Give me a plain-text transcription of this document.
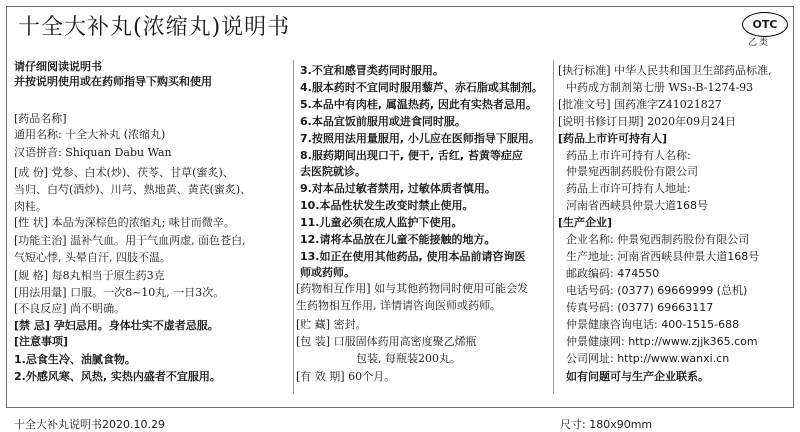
十全大补丸(浓缩丸)说明书	OTC
乙类
请仔细阅读说明书
并按说明使用或在药师指导下购买和使用
[药品名称]
通用名称: 十全大补丸 (浓缩丸)
汉语拼音: Shiquan Dabu Wan
[成 份] 党参、白术(炒)、茯苓、甘草(蜜炙)、
当归、白芍(酒炒)、川芎、熟地黄、黄芪(蜜炙)、
肉桂。
[性 状] 本品为深棕色的浓缩丸; 味甘而微辛。
[功能主治] 温补气血。用于气血两虚, 面色苍白,
气短心悸, 头晕自汗, 四肢不温。
[规 格] 每8丸相当于原生药3克
[用法用量] 口服。一次8~10丸, 一日3次。
[不良反应] 尚不明确。
[禁 忌] 孕妇忌用。身体壮实不虚者忌服。
[注意事项]
1.忌食生冷、油腻食物。
2.外感风寒、风热, 实热内盛者不宜服用。
3.不宜和感冒类药同时服用。
4.服本药时不宜同时服用藜芦、赤石脂或其制剂。
5.本品中有肉桂, 属温热药, 因此有实热者忌用。
6.本品宜饭前服用或进食同时服。
7.按照用法用量服用, 小儿应在医师指导下服用。
8.服药期间出现口干, 便干, 舌红, 苔黄等症应
去医院就诊。
9.对本品过敏者禁用, 过敏体质者慎用。
10.本品性状发生改变时禁止使用。
11.儿童必须在成人监护下使用。
12.请将本品放在儿童不能接触的地方。
13.如正在使用其他药品, 使用本品前请咨询医
师或药师。
[药物相互作用] 如与其他药物同时使用可能会发
生药物相互作用, 详情请咨询医师或药师。
[贮 藏] 密封。
[包 装] 口服固体药用高密度聚乙烯瓶
包装, 每瓶装200丸。
[有 效 期] 60个月。
[执行标准] 中华人民共和国卫生部药品标准,
中药成方制剂第七册 WS₃-B-1274-93
[批准文号] 国药准字Z41021827
[说明书修订日期] 2020年09月24日
[药品上市许可持有人]
药品上市许可持有人名称:
仲景宛西制药股份有限公司
药品上市许可持有人地址:
河南省西峡县仲景大道168号
[生产企业]
企业名称: 仲景宛西制药股份有限公司
生产地址: 河南省西峡县仲景大道168号
邮政编码: 474550
电话号码: (0377) 69669999 (总机)
传真号码: (0377) 69663117
仲景健康咨询电话: 400-1515-688
仲景健康网: http://www.zjjk365.com
公司网址: http://www.wanxi.cn
如有问题可与生产企业联系。
十全大补丸说明书2020.10.29	尺寸: 180x90mm
